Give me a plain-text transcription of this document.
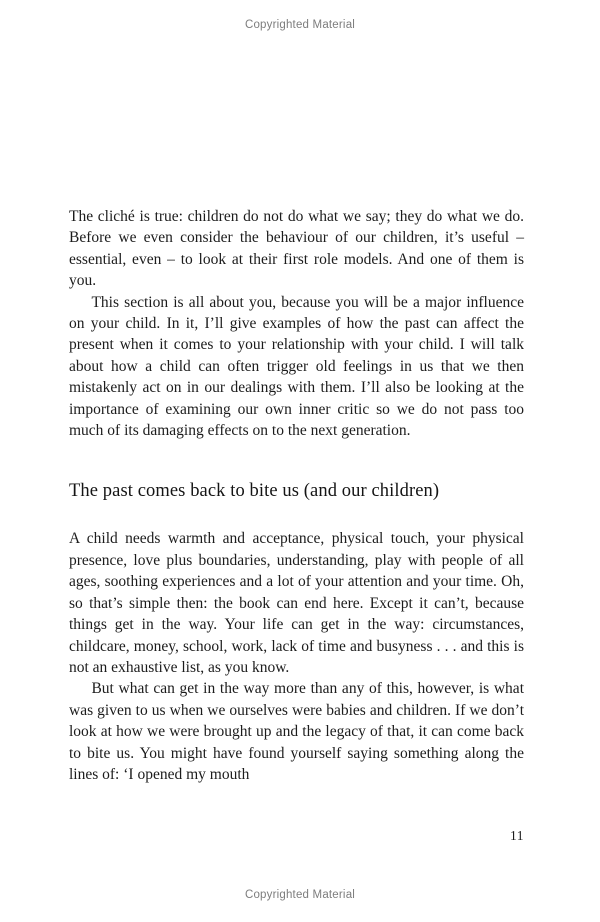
Copyrighted Material

The cliché is true: children do not do what we say; they do what we do. Before we even consider the behaviour of our children, it’s useful – essential, even – to look at their first role models. And one of them is you.

This section is all about you, because you will be a major influence on your child. In it, I’ll give examples of how the past can affect the present when it comes to your relationship with your child. I will talk about how a child can often trigger old feelings in us that we then mistakenly act on in our dealings with them. I’ll also be looking at the importance of examining our own inner critic so we do not pass too much of its damaging effects on to the next generation.

The past comes back to bite us (and our children)

A child needs warmth and acceptance, physical touch, your physical presence, love plus boundaries, understanding, play with people of all ages, soothing experiences and a lot of your attention and your time. Oh, so that’s simple then: the book can end here. Except it can’t, because things get in the way. Your life can get in the way: circumstances, childcare, money, school, work, lack of time and busyness . . . and this is not an exhaustive list, as you know.

But what can get in the way more than any of this, however, is what was given to us when we ourselves were babies and children. If we don’t look at how we were brought up and the legacy of that, it can come back to bite us. You might have found yourself saying something along the lines of: ‘I opened my mouth

11
Copyrighted Material
